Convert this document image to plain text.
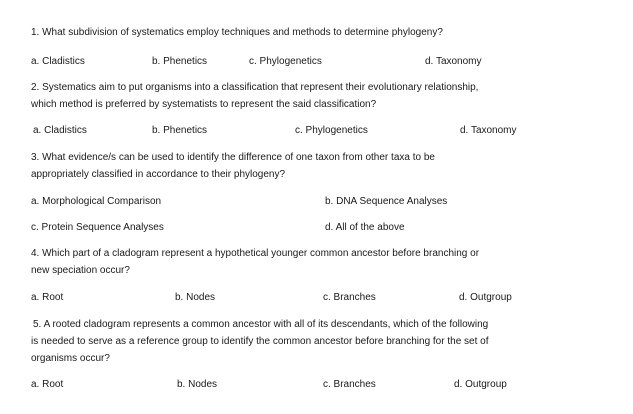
1. What subdivision of systematics employ techniques and methods to determine phylogeny?
a. Cladistics	b. Phenetics	c. Phylogenetics	d. Taxonomy
2. Systematics aim to put organisms into a classification that represent their evolutionary relationship,
which method is preferred by systematists to represent the said classification?
a. Cladistics	b. Phenetics	c. Phylogenetics	d. Taxonomy
3. What evidence/s can be used to identify the difference of one taxon from other taxa to be
appropriately classified in accordance to their phylogeny?
a. Morphological Comparison	b. DNA Sequence Analyses
c. Protein Sequence Analyses	d. All of the above
4. Which part of a cladogram represent a hypothetical younger common ancestor before branching or
new speciation occur?
a. Root	b. Nodes	c. Branches	d. Outgroup
5. A rooted cladogram represents a common ancestor with all of its descendants, which of the following
is needed to serve as a reference group to identify the common ancestor before branching for the set of
organisms occur?
a. Root	b. Nodes	c. Branches	d. Outgroup
